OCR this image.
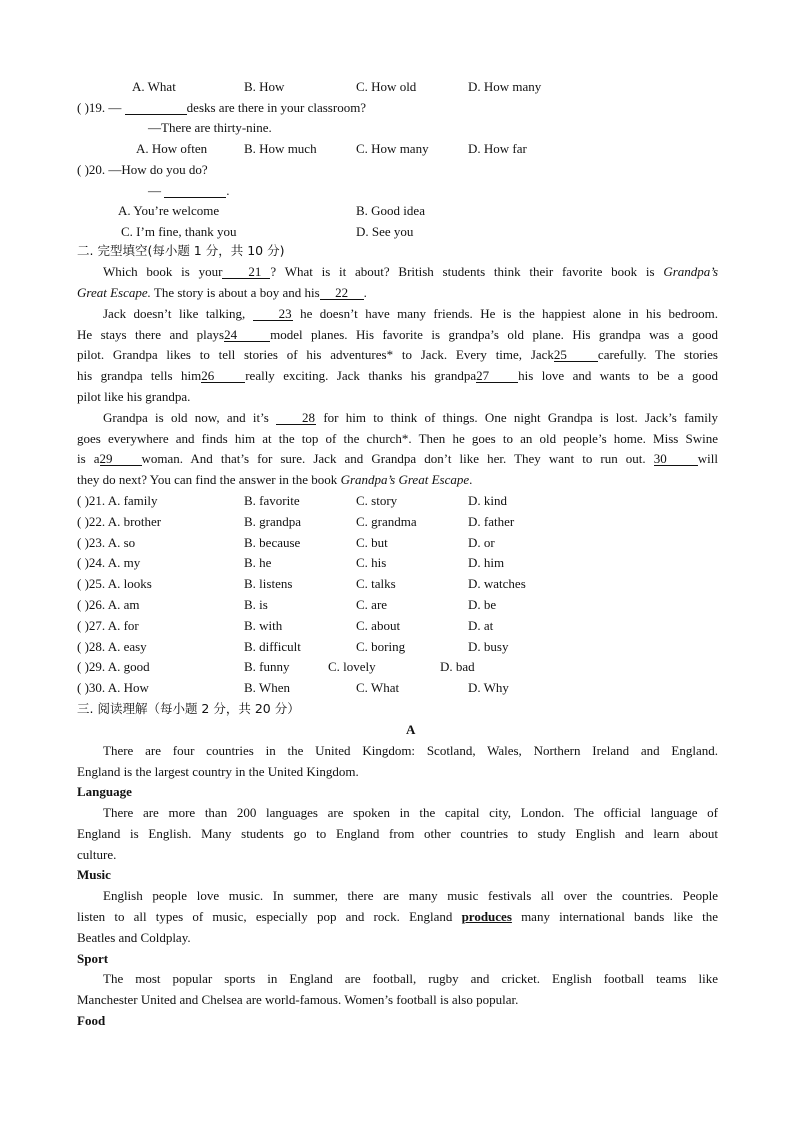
A. What	B. How	C. How old	D. How many
( )19. —	desks are there in your classroom?
—There are thirty-nine.
A. How often	B. How much	C. How many	D. How far
( )20. —How do you do?
—	.
A. You’re welcome	B. Good idea
C. I’m fine, thank you	D. See you
二. 完型填空(每小题 1 分，共 10 分)
Which book is your 21 ? What is it about? British students think their favorite book is Grandpa’s
Great Escape. The story is about a boy and his 22 .
Jack doesn’t like talking,	23 he doesn’t have many friends. He is the happiest alone in his bedroom.
He stays there and plays24	model planes. His favorite is grandpa’s old plane. His grandpa was a good
pilot. Grandpa likes to tell stories of his adventures* to Jack. Every time, Jack25 carefully. The stories
his grandpa tells him26 really exciting. Jack thanks his grandpa27 his love and wants to be a good
pilot like his grandpa.
Grandpa is old now, and it’s	28 for him to think of things. One night Grandpa is lost. Jack’s family
goes everywhere and finds him at the top of the church*. Then he goes to an old people’s home. Miss Swine
is a29 woman. And that’s for sure. Jack and Grandpa don’t like her. They want to run out. 30 will
they do next? You can find the answer in the book Grandpa’s Great Escape.
( )21. A. family	B. favorite	C. story	D. kind
( )22. A. brother	B. grandpa	C. grandma	D. father
( )23. A. so	B. because	C. but	D. or
( )24. A. my	B. he	C. his	D. him
( )25. A. looks	B. listens	C. talks	D. watches
( )26. A. am	B. is	C. are	D. be
( )27. A. for	B. with	C. about	D. at
( )28. A. easy	B. difficult	C. boring	D. busy
( )29. A. good	B. funny	C. lovely	D. bad
( )30. A. How	B. When	C. What	D. Why
三. 阅读理解（每小题 2 分，共 20 分）
A
There are four countries in the United Kingdom: Scotland, Wales, Northern Ireland and England.
England is the largest country in the United Kingdom.
Language
There are more than 200 languages are spoken in the capital city, London. The official language of
England is English. Many students go to England from other countries to study English and learn about
culture.
Music
English people love music. In summer, there are many music festivals all over the countries. People
listen to all types of music, especially pop and rock. England produces many international bands like the
Beatles and Coldplay.
Sport
The most popular sports in England are football, rugby and cricket. English football teams like
Manchester United and Chelsea are world-famous. Women’s football is also popular.
Food
